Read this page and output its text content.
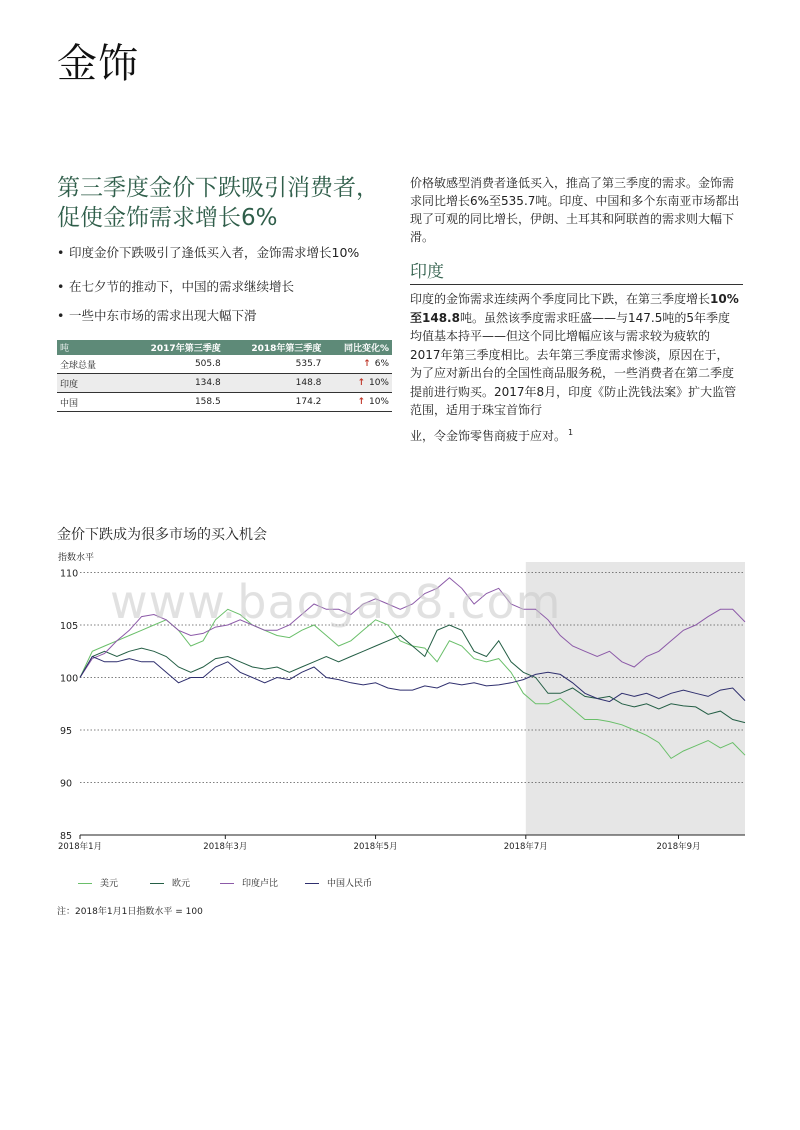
金饰
第三季度金价下跌吸引消费者，促使金饰需求增长6%
• 印度金价下跌吸引了逢低买入者，金饰需求增长10%
• 在七夕节的推动下，中国的需求继续增长
• 一些中东市场的需求出现大幅下滑
吨	2017年第三季度	2018年第三季度	同比变化%
全球总量	505.8	535.7	↑ 6%
印度	134.8	148.8	↑ 10%
中国	158.5	174.2	↑ 10%
价格敏感型消费者逢低买入，推高了第三季度的需求。金饰需求同比增长6%至535.7吨。印度、中国和多个东南亚市场都出现了可观的同比增长，伊朗、土耳其和阿联酋的需求则大幅下滑。
印度
印度的金饰需求连续两个季度同比下跌，在第三季度增长10%至148.8吨。虽然该季度需求旺盛——与147.5吨的5年季度均值基本持平——但这个同比增幅应该与需求较为疲软的2017年第三季度相比。去年第三季度需求惨淡，原因在于，为了应对新出台的全国性商品服务税，一些消费者在第二季度提前进行购买。2017年8月，印度《防止洗钱法案》扩大监管范围，适用于珠宝首饰行
业，令金饰零售商疲于应对。 $^1$
金价下跌成为很多市场的买入机会
指数水平
110
105
100
95
90
85
2018年1月	2018年3月	2018年5月	2018年7月	2018年9月
美元	欧元	印度卢比	中国人民币
注：2018年1月1日指数水平 = 100
www.baogao8.com
